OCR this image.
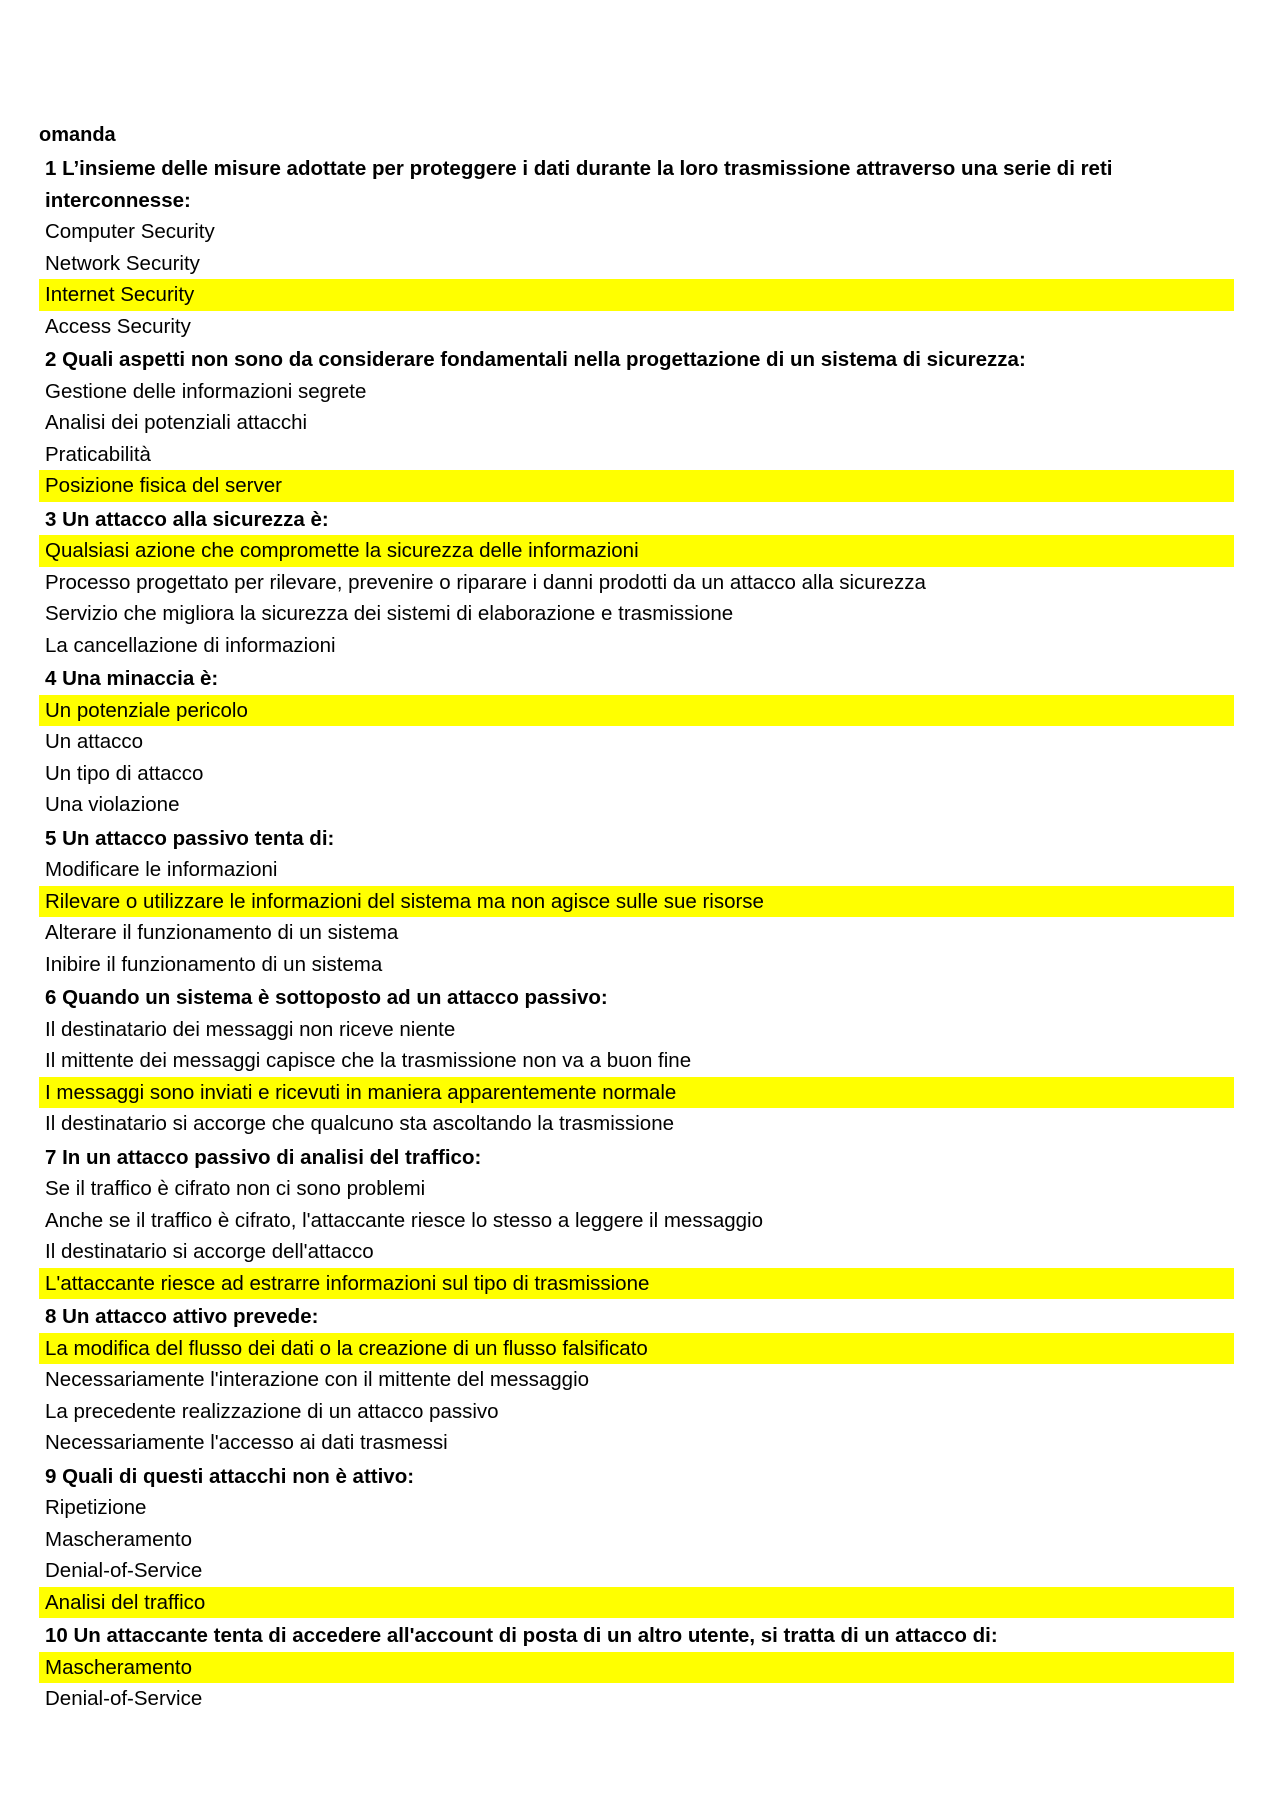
omanda
1 L’insieme delle misure adottate per proteggere i dati durante la loro trasmissione attraverso una serie di reti interconnesse:
Computer Security
Network Security
Internet Security
Access Security
2 Quali aspetti non sono da considerare fondamentali nella progettazione di un sistema di sicurezza:
Gestione delle informazioni segrete
Analisi dei potenziali attacchi
Praticabilità
Posizione fisica del server
3 Un attacco alla sicurezza è:
Qualsiasi azione che compromette la sicurezza delle informazioni
Processo progettato per rilevare, prevenire o riparare i danni prodotti da un attacco alla sicurezza
Servizio che migliora la sicurezza dei sistemi di elaborazione e trasmissione
La cancellazione di informazioni
4 Una minaccia è:
Un potenziale pericolo
Un attacco
Un tipo di attacco
Una violazione
5 Un attacco passivo tenta di:
Modificare le informazioni
Rilevare o utilizzare le informazioni del sistema ma non agisce sulle sue risorse
Alterare il funzionamento di un sistema
Inibire il funzionamento di un sistema
6 Quando un sistema è sottoposto ad un attacco passivo:
Il destinatario dei messaggi non riceve niente
Il mittente dei messaggi capisce che la trasmissione non va a buon fine
I messaggi sono inviati e ricevuti in maniera apparentemente normale
Il destinatario si accorge che qualcuno sta ascoltando la trasmissione
7 In un attacco passivo di analisi del traffico:
Se il traffico è cifrato non ci sono problemi
Anche se il traffico è cifrato, l'attaccante riesce lo stesso a leggere il messaggio
Il destinatario si accorge dell'attacco
L'attaccante riesce ad estrarre informazioni sul tipo di trasmissione
8 Un attacco attivo prevede:
La modifica del flusso dei dati o la creazione di un flusso falsificato
Necessariamente l'interazione con il mittente del messaggio
La precedente realizzazione di un attacco passivo
Necessariamente l'accesso ai dati trasmessi
9 Quali di questi attacchi non è attivo:
Ripetizione
Mascheramento
Denial-of-Service
Analisi del traffico
10 Un attaccante tenta di accedere all'account di posta di un altro utente, si tratta di un attacco di:
Mascheramento
Denial-of-Service
